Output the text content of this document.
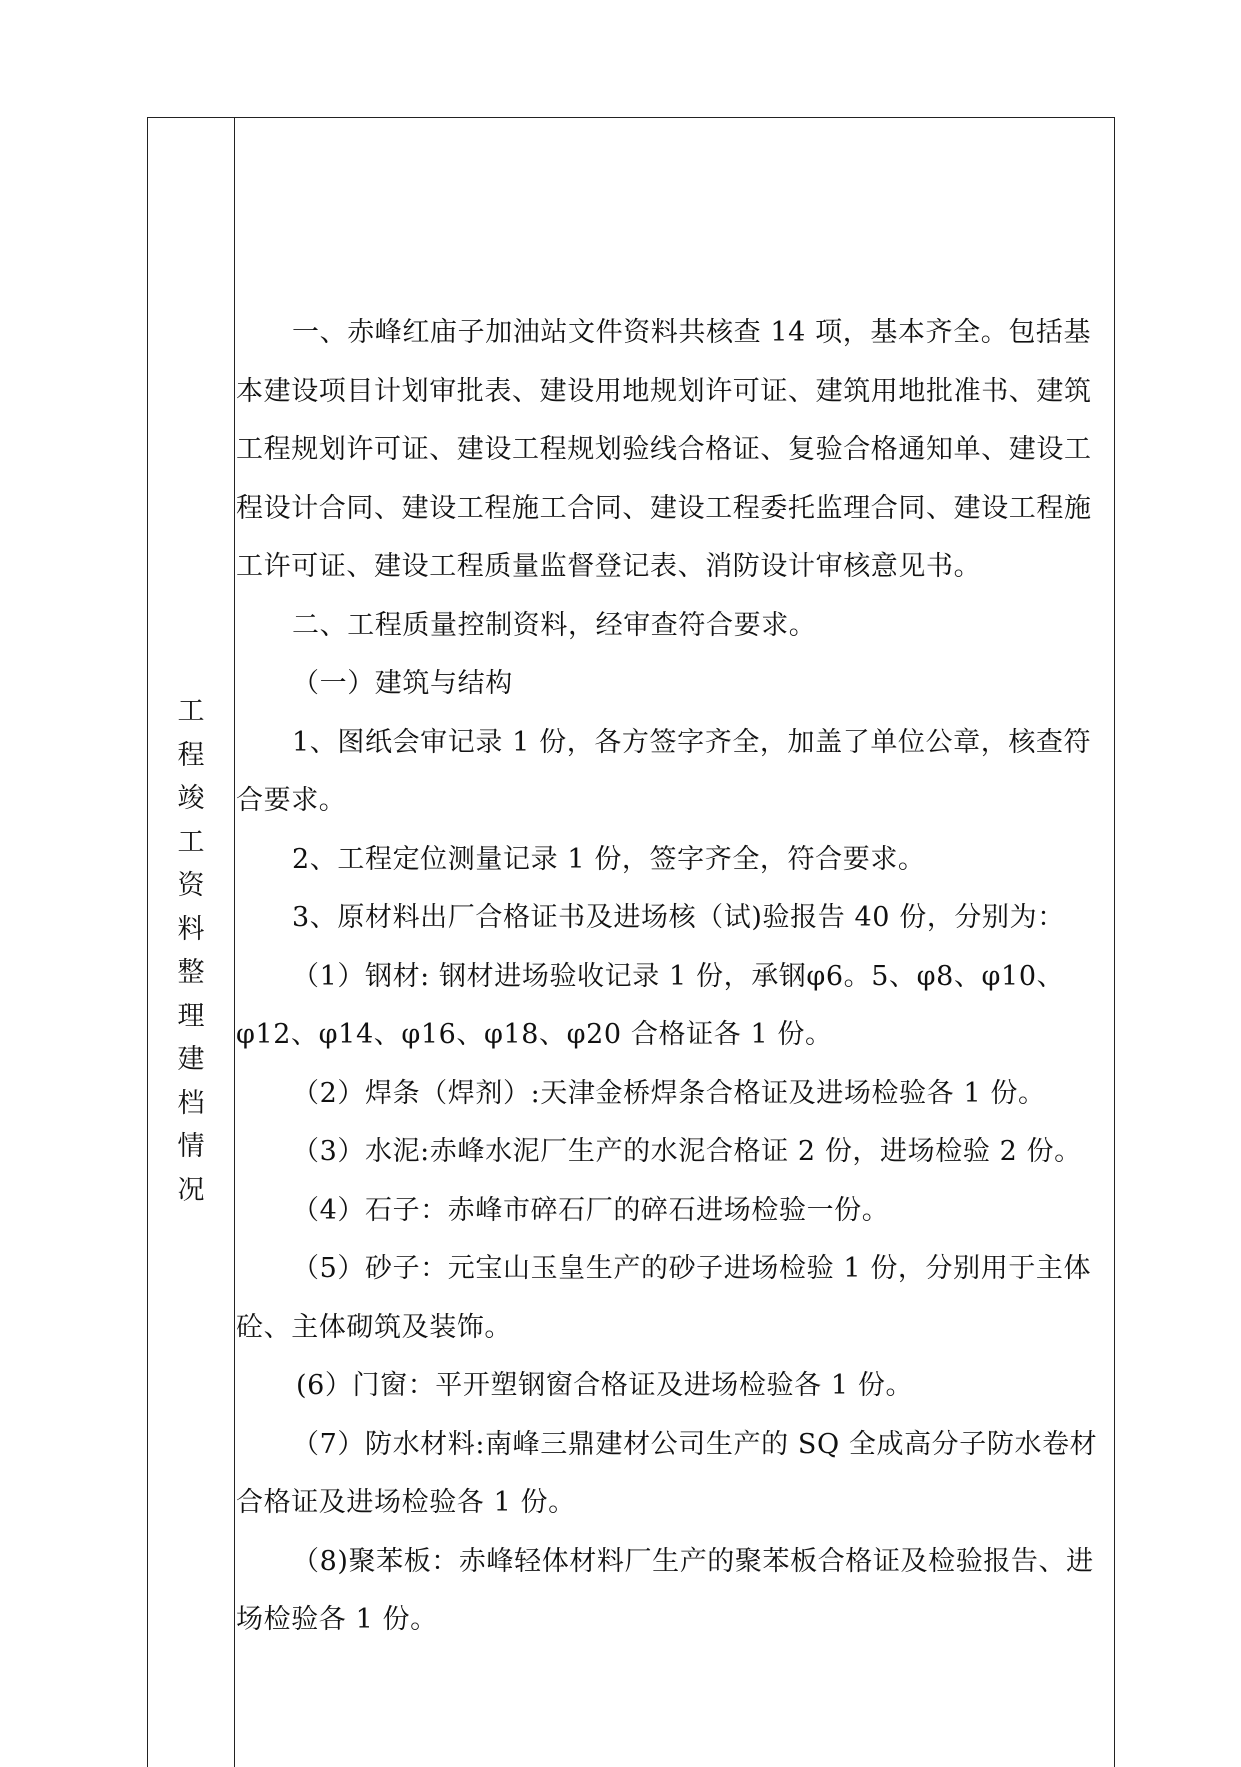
工
程
竣
工
资
料
整
理
建
档
情
况

一、赤峰红庙子加油站文件资料共核查 14 项，基本齐全。包括基本建设项目计划审批表、建设用地规划许可证、建筑用地批准书、建筑工程规划许可证、建设工程规划验线合格证、复验合格通知单、建设工程设计合同、建设工程施工合同、建设工程委托监理合同、建设工程施工许可证、建设工程质量监督登记表、消防设计审核意见书。

二、工程质量控制资料，经审查符合要求。

（一）建筑与结构

1、图纸会审记录 1 份，各方签字齐全，加盖了单位公章，核查符合要求。

2、工程定位测量记录 1 份，签字齐全，符合要求。

3、原材料出厂合格证书及进场核（试)验报告 40 份，分别为：

（1）钢材: 钢材进场验收记录 1 份，承钢φ6。5、φ8、φ10、φ12、φ14、φ16、φ18、φ20 合格证各 1 份。

（2）焊条（焊剂）:天津金桥焊条合格证及进场检验各 1 份。

（3）水泥:赤峰水泥厂生产的水泥合格证 2 份，进场检验 2 份。

（4）石子：赤峰市碎石厂的碎石进场检验一份。

（5）砂子：元宝山玉皇生产的砂子进场检验 1 份，分别用于主体砼、主体砌筑及装饰。

(6）门窗：平开塑钢窗合格证及进场检验各 1 份。

（7）防水材料:南峰三鼎建材公司生产的 SQ 全成高分子防水卷材合格证及进场检验各 1 份。

（8)聚苯板：赤峰轻体材料厂生产的聚苯板合格证及检验报告、进场检验各 1 份。
